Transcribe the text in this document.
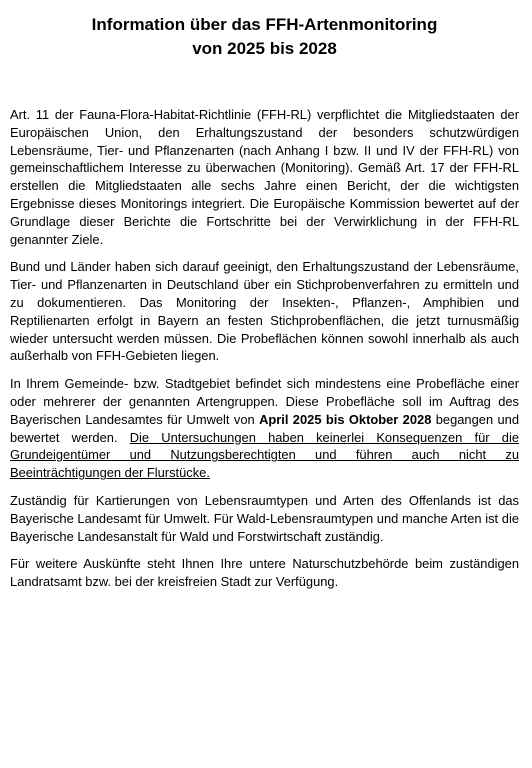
Information über das FFH-Artenmonitoring
von 2025 bis 2028

Art. 11 der Fauna-Flora-Habitat-Richtlinie (FFH-RL) verpflichtet die Mitgliedstaaten der Europäischen Union, den Erhaltungszustand der besonders schutzwürdigen Lebensräume, Tier- und Pflanzenarten (nach Anhang I bzw. II und IV der FFH-RL) von gemeinschaftlichem Interesse zu überwachen (Monitoring). Gemäß Art. 17 der FFH-RL erstellen die Mitgliedstaaten alle sechs Jahre einen Bericht, der die wichtigsten Ergebnisse dieses Monitorings integriert. Die Europäische Kommission bewertet auf der Grundlage dieser Berichte die Fortschritte bei der Verwirklichung in der FFH-RL genannter Ziele.

Bund und Länder haben sich darauf geeinigt, den Erhaltungszustand der Lebensräume, Tier- und Pflanzenarten in Deutschland über ein Stichprobenverfahren zu ermitteln und zu dokumentieren. Das Monitoring der Insekten-, Pflanzen-, Amphibien und Reptilienarten erfolgt in Bayern an festen Stichprobenflächen, die jetzt turnusmäßig wieder untersucht werden müssen. Die Probeflächen können sowohl innerhalb als auch außerhalb von FFH-Gebieten liegen.

In Ihrem Gemeinde- bzw. Stadtgebiet befindet sich mindestens eine Probefläche einer oder mehrerer der genannten Artengruppen. Diese Probefläche soll im Auftrag des Bayerischen Landesamtes für Umwelt von April 2025 bis Oktober 2028 begangen und bewertet werden. Die Untersuchungen haben keinerlei Konsequenzen für die Grundeigentümer und Nutzungsberechtigten und führen auch nicht zu Beeinträchtigungen der Flurstücke.

Zuständig für Kartierungen von Lebensraumtypen und Arten des Offenlands ist das Bayerische Landesamt für Umwelt. Für Wald-Lebensraumtypen und manche Arten ist die Bayerische Landesanstalt für Wald und Forstwirtschaft zuständig.

Für weitere Auskünfte steht Ihnen Ihre untere Naturschutzbehörde beim zuständigen Landratsamt bzw. bei der kreisfreien Stadt zur Verfügung.
